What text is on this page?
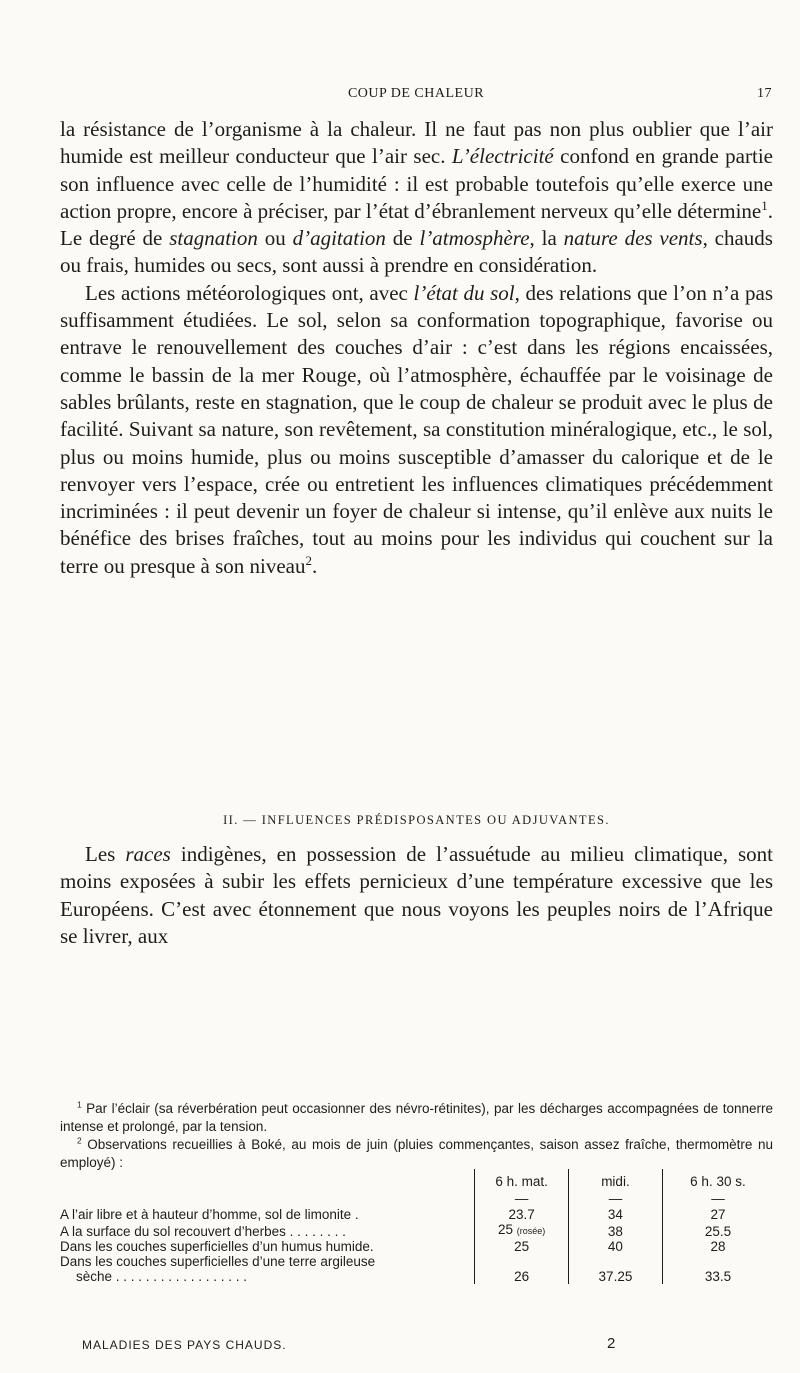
COUP DE CHALEUR	17

la résistance de l’organisme à la chaleur. Il ne faut pas non plus oublier que l’air humide est meilleur conducteur que l’air sec. L’électricité confond en grande partie son influence avec celle de l’humidité : il est probable toutefois qu’elle exerce une action propre, encore à préciser, par l’état d’ébranlement nerveux qu’elle détermine$^1$. Le degré de stagnation ou d’agitation de l’atmosphère, la nature des vents, chauds ou frais, humides ou secs, sont aussi à prendre en considération.

Les actions météorologiques ont, avec l’état du sol, des relations que l’on n’a pas suffisamment étudiées. Le sol, selon sa conformation topographique, favorise ou entrave le renouvellement des couches d’air : c’est dans les régions encaissées, comme le bassin de la mer Rouge, où l’atmosphère, échauffée par le voisinage de sables brûlants, reste en stagnation, que le coup de chaleur se produit avec le plus de facilité. Suivant sa nature, son revêtement, sa constitution minéralogique, etc., le sol, plus ou moins humide, plus ou moins susceptible d’amasser du calorique et de le renvoyer vers l’espace, crée ou entretient les influences climatiques précédemment incriminées : il peut devenir un foyer de chaleur si intense, qu’il enlève aux nuits le bénéfice des brises fraîches, tout au moins pour les individus qui couchent sur la terre ou presque à son niveau$^2$.

II. — INFLUENCES PRÉDISPOSANTES OU ADJUVANTES.

Les races indigènes, en possession de l’assuétude au milieu climatique, sont moins exposées à subir les effets pernicieux d’une température excessive que les Européens. C’est avec étonnement que nous voyons les peuples noirs de l’Afrique se livrer, aux

$^1$ Par l’éclair (sa réverbération peut occasionner des névro-rétinites), par les décharges accompagnées de tonnerre intense et prolongé, par la tension.

$^2$ Observations recueillies à Boké, au mois de juin (pluies commençantes, saison assez fraîche, thermomètre nu employé) :

	6 h. mat.	midi.	6 h. 30 s.
	—	—	—
A l’air libre et à hauteur d’homme, sol de limonite .	23.7	34	27
A la surface du sol recouvert d’herbes . . . . . . . .	25 (rosée)	38	25.5
Dans les couches superficielles d’un humus humide.	25	40	28
Dans les couches superficielles d’une terre argileuse			
sèche . . . . . . . . . . . . . . . . . .	26	37.25	33.5
MALADIES DES PAYS CHAUDS.	2
